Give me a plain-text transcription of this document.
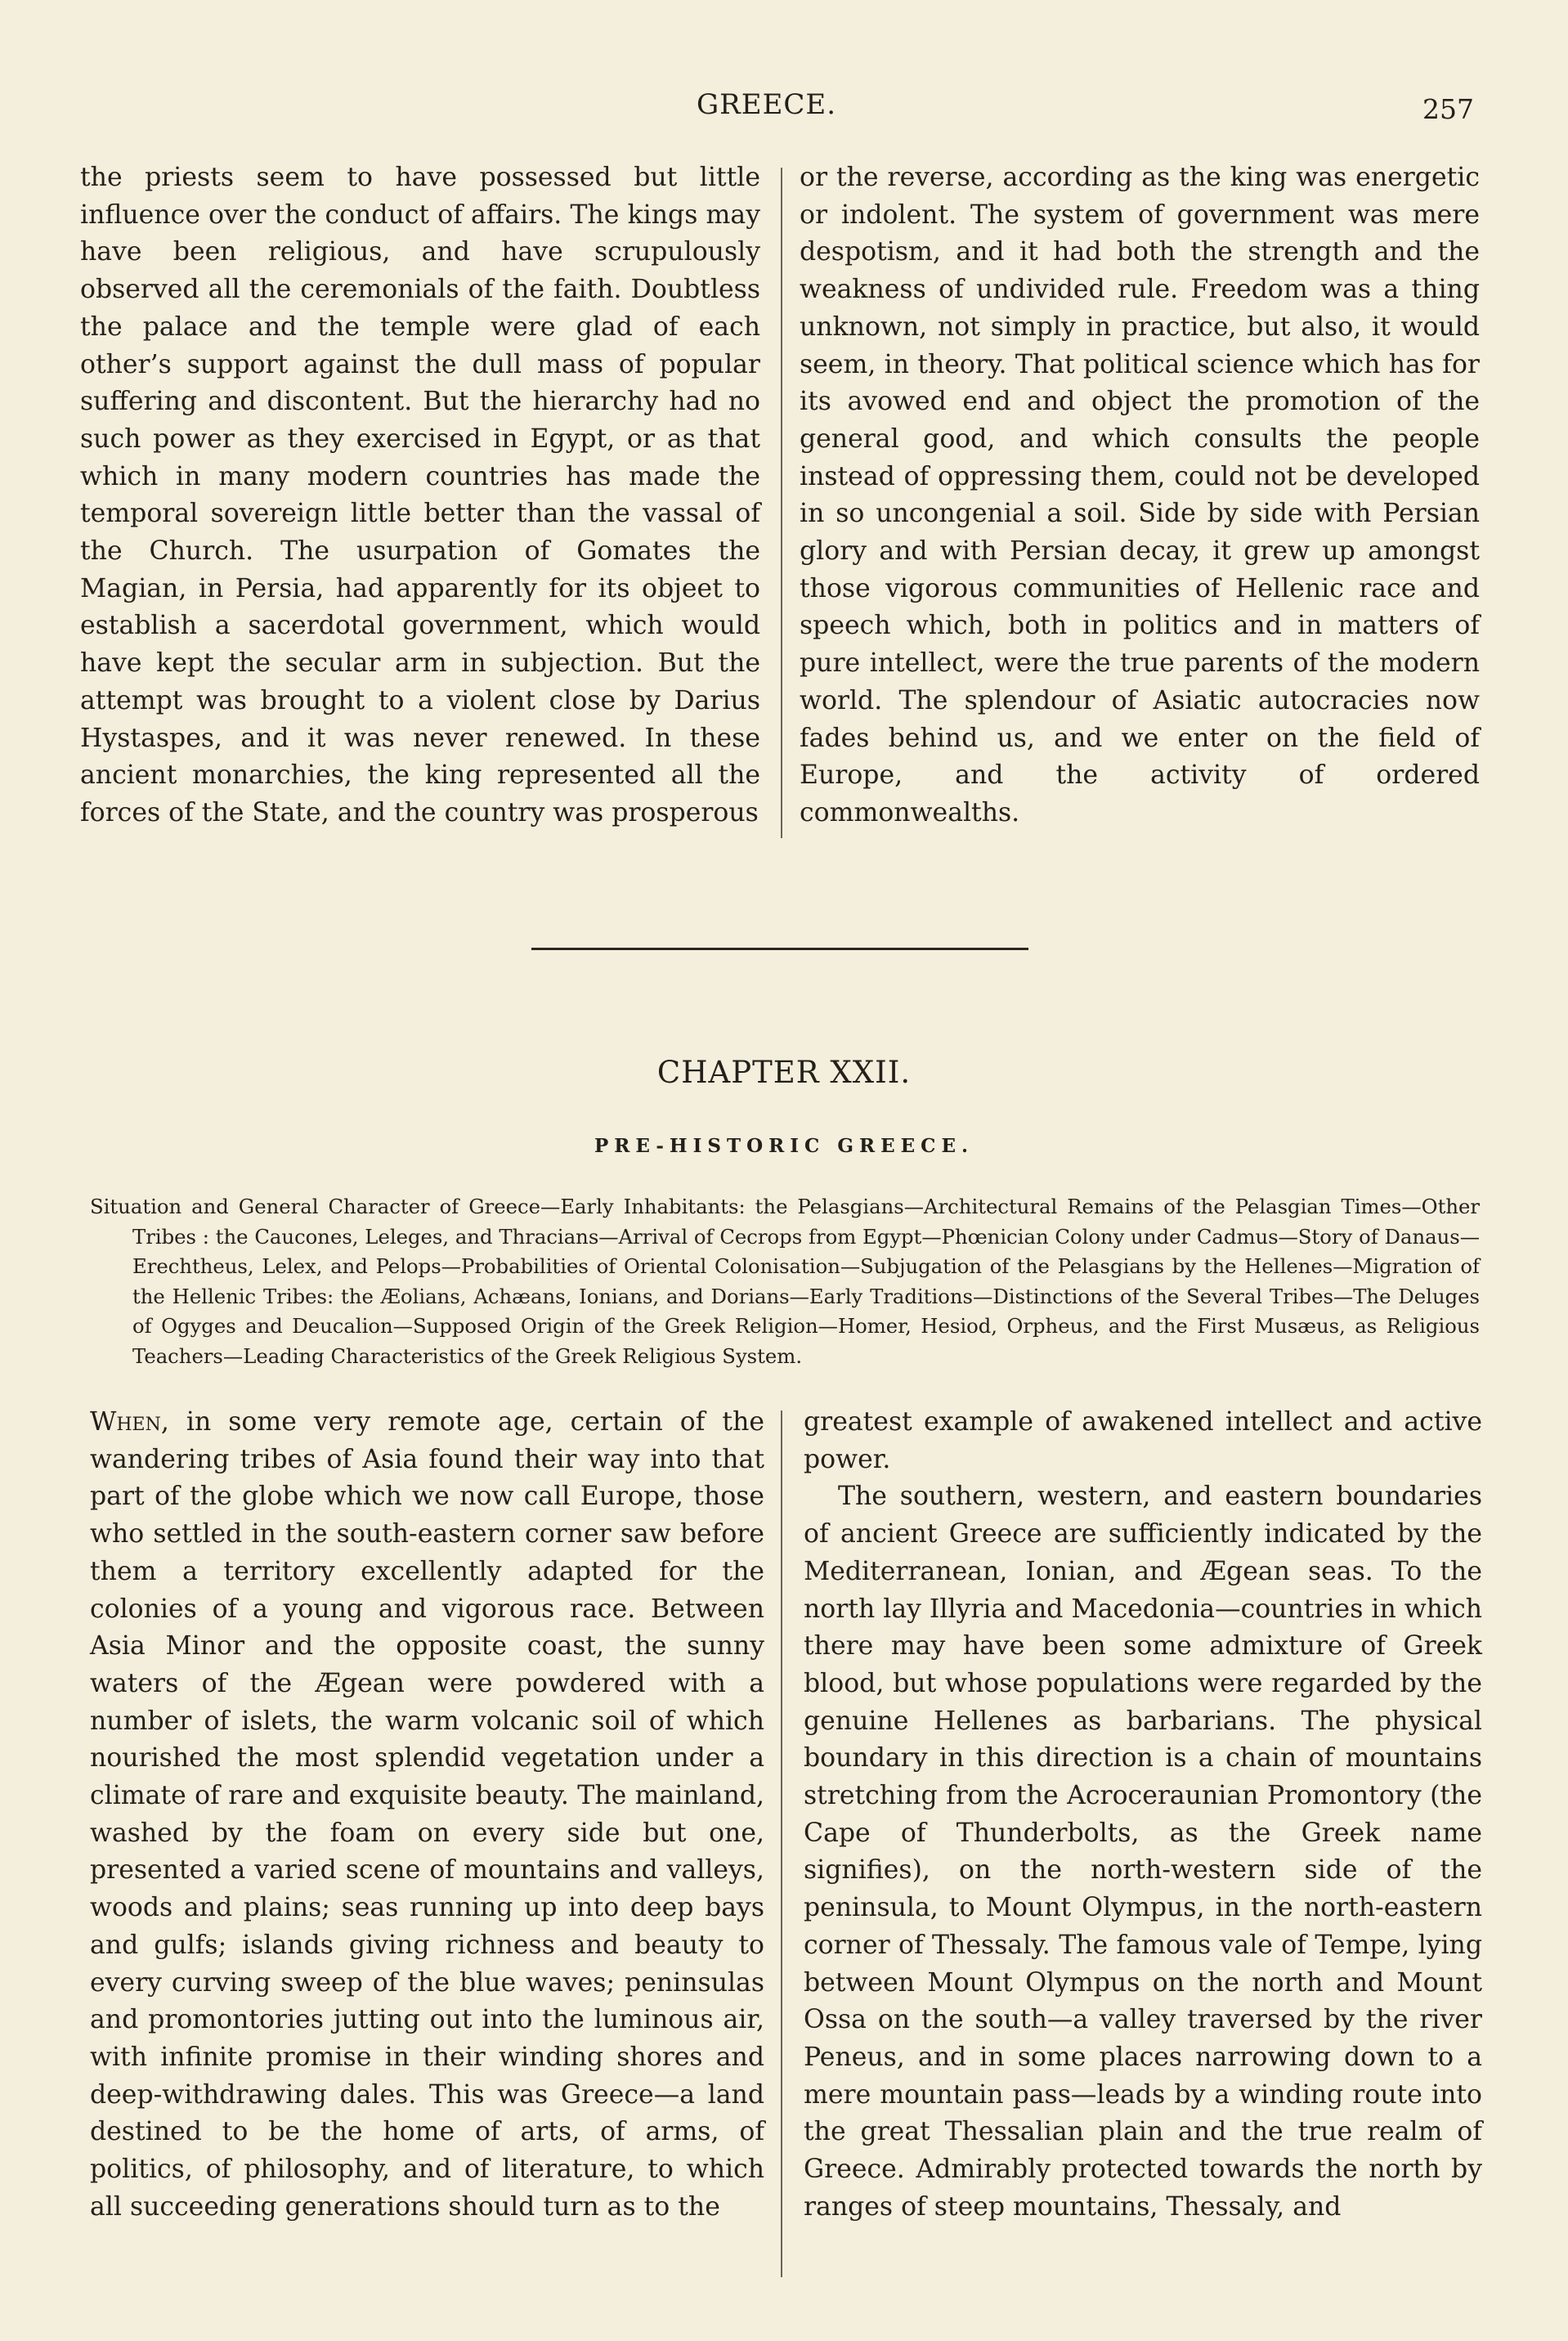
GREECE.	257

the priests seem to have possessed but little influence over the conduct of affairs. The kings may have been religious, and have scrupulously observed all the ceremonials of the faith. Doubtless the palace and the temple were glad of each other’s support against the dull mass of popular suffering and discontent. But the hierarchy had no such power as they exercised in Egypt, or as that which in many modern countries has made the temporal sovereign little better than the vassal of the Church. The usurpation of Gomates the Magian, in Persia, had apparently for its objeet to establish a sacerdotal government, which would have kept the secular arm in subjection. But the attempt was brought to a violent close by Darius Hystaspes, and it was never renewed. In these ancient monarchies, the king represented all the forces of the State, and the country was prosperous

or the reverse, according as the king was energetic or indolent. The system of government was mere despotism, and it had both the strength and the weakness of undivided rule. Freedom was a thing unknown, not simply in practice, but also, it would seem, in theory. That political science which has for its avowed end and object the promotion of the general good, and which consults the people instead of oppressing them, could not be developed in so uncongenial a soil. Side by side with Persian glory and with Persian decay, it grew up amongst those vigorous communities of Hellenic race and speech which, both in politics and in matters of pure intellect, were the true parents of the modern world. The splendour of Asiatic autocracies now fades behind us, and we enter on the field of Europe, and the activity of ordered commonwealths.

CHAPTER XXII.
PRE-HISTORIC GREECE.
Situation and General Character of Greece—Early Inhabitants: the Pelasgians—Architectural Remains of the Pelasgian Times—Other Tribes : the Caucones, Leleges, and Thracians—Arrival of Cecrops from Egypt—Phœnician Colony under Cadmus—Story of Danaus—Erechtheus, Lelex, and Pelops—Probabilities of Oriental Colonisation—Subjugation of the Pelasgians by the Hellenes—Migration of the Hellenic Tribes: the Æolians, Achæans, Ionians, and Dorians—Early Traditions—Distinctions of the Several Tribes—The Deluges of Ogyges and Deucalion—Supposed Origin of the Greek Religion—Homer, Hesiod, Orpheus, and the First Musæus, as Religious Teachers—Leading Characteristics of the Greek Religious System.

When, in some very remote age, certain of the wandering tribes of Asia found their way into that part of the globe which we now call Europe, those who settled in the south-eastern corner saw before them a territory excellently adapted for the colonies of a young and vigorous race. Between Asia Minor and the opposite coast, the sunny waters of the Ægean were powdered with a number of islets, the warm volcanic soil of which nourished the most splendid vegetation under a climate of rare and exquisite beauty. The mainland, washed by the foam on every side but one, presented a varied scene of mountains and valleys, woods and plains; seas running up into deep bays and gulfs; islands giving richness and beauty to every curving sweep of the blue waves; peninsulas and promontories jutting out into the luminous air, with infinite promise in their winding shores and deep-withdrawing dales. This was Greece—a land destined to be the home of arts, of arms, of politics, of philosophy, and of literature, to which all succeeding generations should turn as to the

greatest example of awakened intellect and active power.

The southern, western, and eastern boundaries of ancient Greece are sufficiently indicated by the Mediterranean, Ionian, and Ægean seas. To the north lay Illyria and Macedonia—countries in which there may have been some admixture of Greek blood, but whose populations were regarded by the genuine Hellenes as barbarians. The physical boundary in this direction is a chain of mountains stretching from the Acroceraunian Promontory (the Cape of Thunderbolts, as the Greek name signifies), on the north-western side of the peninsula, to Mount Olympus, in the north-eastern corner of Thessaly. The famous vale of Tempe, lying between Mount Olympus on the north and Mount Ossa on the south—a valley traversed by the river Peneus, and in some places narrowing down to a mere mountain pass—leads by a winding route into the great Thessalian plain and the true realm of Greece. Admirably protected towards the north by ranges of steep mountains, Thessaly, and
